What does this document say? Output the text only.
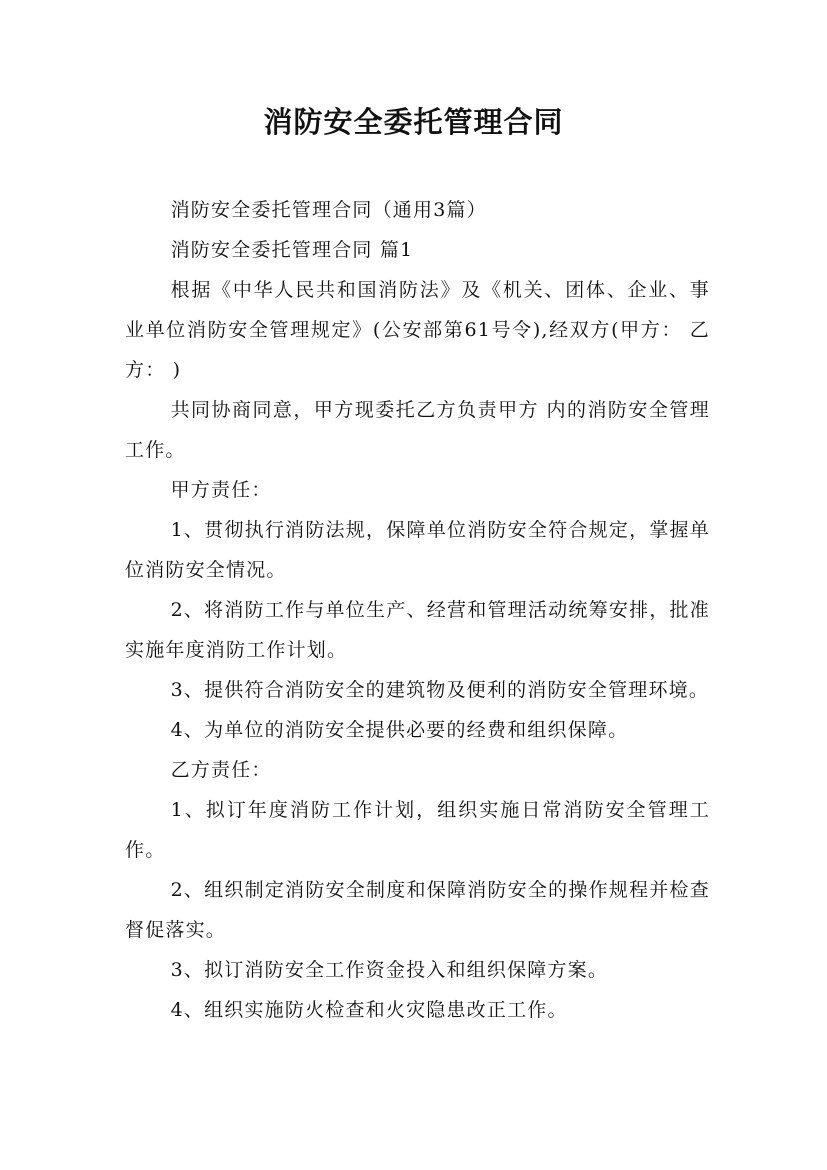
消防安全委托管理合同

消防安全委托管理合同（通用3篇）

消防安全委托管理合同 篇1

根据《中华人民共和国消防法》及《机关、团体、企业、事业单位消防安全管理规定》(公安部第61号令),经双方(甲方： 乙方： )

共同协商同意，甲方现委托乙方负责甲方 内的消防安全管理工作。

甲方责任：

1、贯彻执行消防法规，保障单位消防安全符合规定，掌握单位消防安全情况。

2、将消防工作与单位生产、经营和管理活动统筹安排，批准实施年度消防工作计划。

3、提供符合消防安全的建筑物及便利的消防安全管理环境。

4、为单位的消防安全提供必要的经费和组织保障。

乙方责任：

1、拟订年度消防工作计划，组织实施日常消防安全管理工作。

2、组织制定消防安全制度和保障消防安全的操作规程并检查督促落实。

3、拟订消防安全工作资金投入和组织保障方案。

4、组织实施防火检查和火灾隐患改正工作。
